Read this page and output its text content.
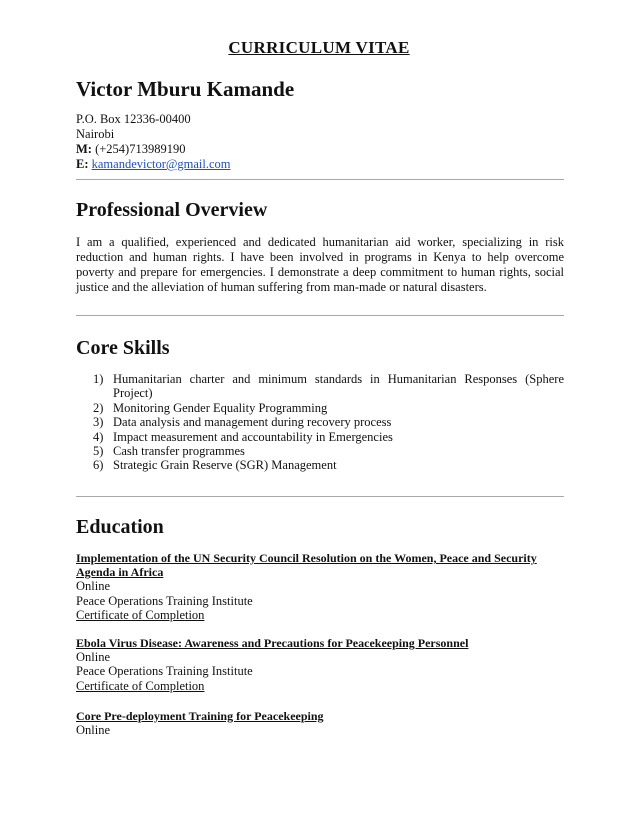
CURRICULUM VITAE
Victor Mburu Kamande
P.O. Box 12336-00400
Nairobi
M: (+254)713989190
E: kamandevictor@gmail.com
Professional Overview
I am a qualified, experienced and dedicated humanitarian aid worker, specializing in risk reduction and human rights. I have been involved in programs in Kenya to help overcome poverty and prepare for emergencies. I demonstrate a deep commitment to human rights, social justice and the alleviation of human suffering from man-made or natural disasters.
Core Skills
1) Humanitarian charter and minimum standards in Humanitarian Responses (Sphere Project)
2) Monitoring Gender Equality Programming
3) Data analysis and management during recovery process
4) Impact measurement and accountability in Emergencies
5) Cash transfer programmes
6) Strategic Grain Reserve (SGR) Management
Education
Implementation of the UN Security Council Resolution on the Women, Peace and Security Agenda in Africa
Online
Peace Operations Training Institute
Certificate of Completion
Ebola Virus Disease: Awareness and Precautions for Peacekeeping Personnel
Online
Peace Operations Training Institute
Certificate of Completion
Core Pre-deployment Training for Peacekeeping
Online
